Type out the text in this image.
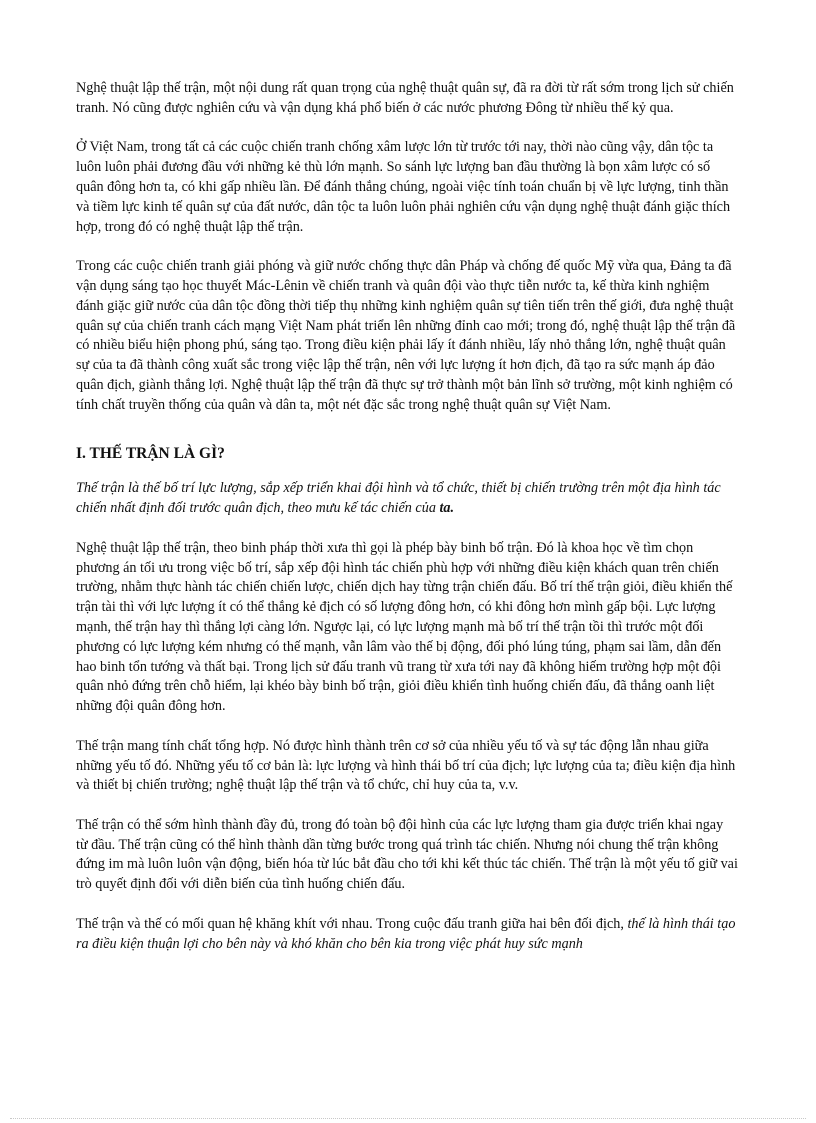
Nghệ thuật lập thế trận, một nội dung rất quan trọng của nghệ thuật quân sự, đã ra đời từ rất sớm trong lịch sử chiến tranh. Nó cũng được nghiên cứu và vận dụng khá phổ biến ở các nước phương Đông từ nhiều thế kỷ qua.

Ở Việt Nam, trong tất cả các cuộc chiến tranh chống xâm lược lớn từ trước tới nay, thời nào cũng vậy, dân tộc ta luôn luôn phải đương đầu với những kẻ thù lớn mạnh. So sánh lực lượng ban đầu thường là bọn xâm lược có số quân đông hơn ta, có khi gấp nhiều lần. Để đánh thắng chúng, ngoài việc tính toán chuẩn bị về lực lượng, tinh thần và tiềm lực kinh tế quân sự của đất nước, dân tộc ta luôn luôn phải nghiên cứu vận dụng nghệ thuật đánh giặc thích hợp, trong đó có nghệ thuật lập thế trận.

Trong các cuộc chiến tranh giải phóng và giữ nước chống thực dân Pháp và chống đế quốc Mỹ vừa qua, Đảng ta đã vận dụng sáng tạo học thuyết Mác-Lênin về chiến tranh và quân đội vào thực tiễn nước ta, kế thừa kinh nghiệm đánh giặc giữ nước của dân tộc đồng thời tiếp thụ những kinh nghiệm quân sự tiên tiến trên thế giới, đưa nghệ thuật quân sự của chiến tranh cách mạng Việt Nam phát triển lên những đỉnh cao mới; trong đó, nghệ thuật lập thế trận đã có nhiều biểu hiện phong phú, sáng tạo. Trong điều kiện phải lấy ít đánh nhiều, lấy nhỏ thắng lớn, nghệ thuật quân sự của ta đã thành công xuất sắc trong việc lập thế trận, nên với lực lượng ít hơn địch, đã tạo ra sức mạnh áp đảo quân địch, giành thắng lợi. Nghệ thuật lập thế trận đã thực sự trở thành một bản lĩnh sở trường, một kinh nghiệm có tính chất truyền thống của quân và dân ta, một nét đặc sắc trong nghệ thuật quân sự Việt Nam.

I. THẾ TRẬN LÀ GÌ?

Thế trận là thế bố trí lực lượng, sắp xếp triển khai đội hình và tổ chức, thiết bị chiến trường trên một địa hình tác chiến nhất định đối trước quân địch, theo mưu kế tác chiến của ta.

Nghệ thuật lập thế trận, theo binh pháp thời xưa thì gọi là phép bày binh bố trận. Đó là khoa học về tìm chọn phương án tối ưu trong việc bố trí, sắp xếp đội hình tác chiến phù hợp với những điều kiện khách quan trên chiến trường, nhằm thực hành tác chiến chiến lược, chiến dịch hay từng trận chiến đấu. Bố trí thế trận giỏi, điều khiển thế trận tài thì với lực lượng ít có thể thắng kẻ địch có số lượng đông hơn, có khi đông hơn mình gấp bội. Lực lượng mạnh, thế trận hay thì thắng lợi càng lớn. Ngược lại, có lực lượng mạnh mà bố trí thế trận tồi thì trước một đối phương có lực lượng kém nhưng có thế mạnh, vẫn lâm vào thế bị động, đối phó lúng túng, phạm sai lầm, dẫn đến hao binh tổn tướng và thất bại. Trong lịch sử đấu tranh vũ trang từ xưa tới nay đã không hiếm trường hợp một đội quân nhỏ đứng trên chỗ hiểm, lại khéo bày binh bố trận, giỏi điều khiển tình huống chiến đấu, đã thắng oanh liệt những đội quân đông hơn.

Thế trận mang tính chất tổng hợp. Nó được hình thành trên cơ sở của nhiều yếu tố và sự tác động lẫn nhau giữa những yếu tố đó. Những yếu tố cơ bản là: lực lượng và hình thái bố trí của địch; lực lượng của ta; điều kiện địa hình và thiết bị chiến trường; nghệ thuật lập thế trận và tổ chức, chỉ huy của ta, v.v.

Thế trận có thể sớm hình thành đầy đủ, trong đó toàn bộ đội hình của các lực lượng tham gia được triển khai ngay từ đầu. Thế trận cũng có thể hình thành dần từng bước trong quá trình tác chiến. Nhưng nói chung thế trận không đứng im mà luôn luôn vận động, biến hóa từ lúc bắt đầu cho tới khi kết thúc tác chiến. Thế trận là một yếu tố giữ vai trò quyết định đối với diễn biến của tình huống chiến đấu.

Thế trận và thế có mối quan hệ khăng khít với nhau. Trong cuộc đấu tranh giữa hai bên đối địch, thế là hình thái tạo ra điều kiện thuận lợi cho bên này và khó khăn cho bên kia trong việc phát huy sức mạnh
